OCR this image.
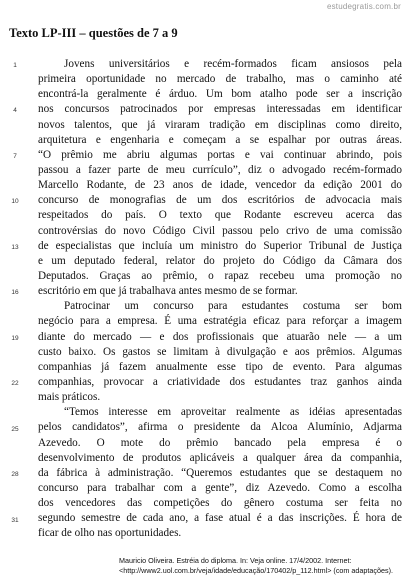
estudegratis.com.br
Texto LP-III – questões de 7 a 9
1
4
7
10
13
16
19
22
25
28
31
Jovens universitários e recém-formados ficam ansiosos pela
primeira oportunidade no mercado de trabalho, mas o caminho até
encontrá-la geralmente é árduo. Um bom atalho pode ser a inscrição
nos concursos patrocinados por empresas interessadas em identificar
novos talentos, que já viraram tradição em disciplinas como direito,
arquitetura e engenharia e começam a se espalhar por outras áreas.
“O prêmio me abriu algumas portas e vai continuar abrindo, pois
passou a fazer parte de meu currículo”, diz o advogado recém-formado
Marcello Rodante, de 23 anos de idade, vencedor da edição 2001 do
concurso de monografias de um dos escritórios de advocacia mais
respeitados do país. O texto que Rodante escreveu acerca das
controvérsias do novo Código Civil passou pelo crivo de uma comissão
de especialistas que incluía um ministro do Superior Tribunal de Justiça
e um deputado federal, relator do projeto do Código da Câmara dos
Deputados. Graças ao prêmio, o rapaz recebeu uma promoção no
escritório em que já trabalhava antes mesmo de se formar.
Patrocinar um concurso para estudantes costuma ser bom
negócio para a empresa. É uma estratégia eficaz para reforçar a imagem
diante do mercado — e dos profissionais que atuarão nele — a um
custo baixo. Os gastos se limitam à divulgação e aos prêmios. Algumas
companhias já fazem anualmente esse tipo de evento. Para algumas
companhias, provocar a criatividade dos estudantes traz ganhos ainda
mais práticos.
“Temos interesse em aproveitar realmente as idéias apresentadas
pelos candidatos”, afirma o presidente da Alcoa Alumínio, Adjarma
Azevedo. O mote do prêmio bancado pela empresa é o
desenvolvimento de produtos aplicáveis a qualquer área da companhia,
da fábrica à administração. “Queremos estudantes que se destaquem no
concurso para trabalhar com a gente”, diz Azevedo. Como a escolha
dos vencedores das competições do gênero costuma ser feita no
segundo semestre de cada ano, a fase atual é a das inscrições. É hora de
ficar de olho nas oportunidades.
Mauricio Oliveira. Estréia do diploma. In: Veja online. 17/4/2002. Internet:
<http://www2.uol.com.br/veja/idade/educação/170402/p_112.html> (com adaptações).
